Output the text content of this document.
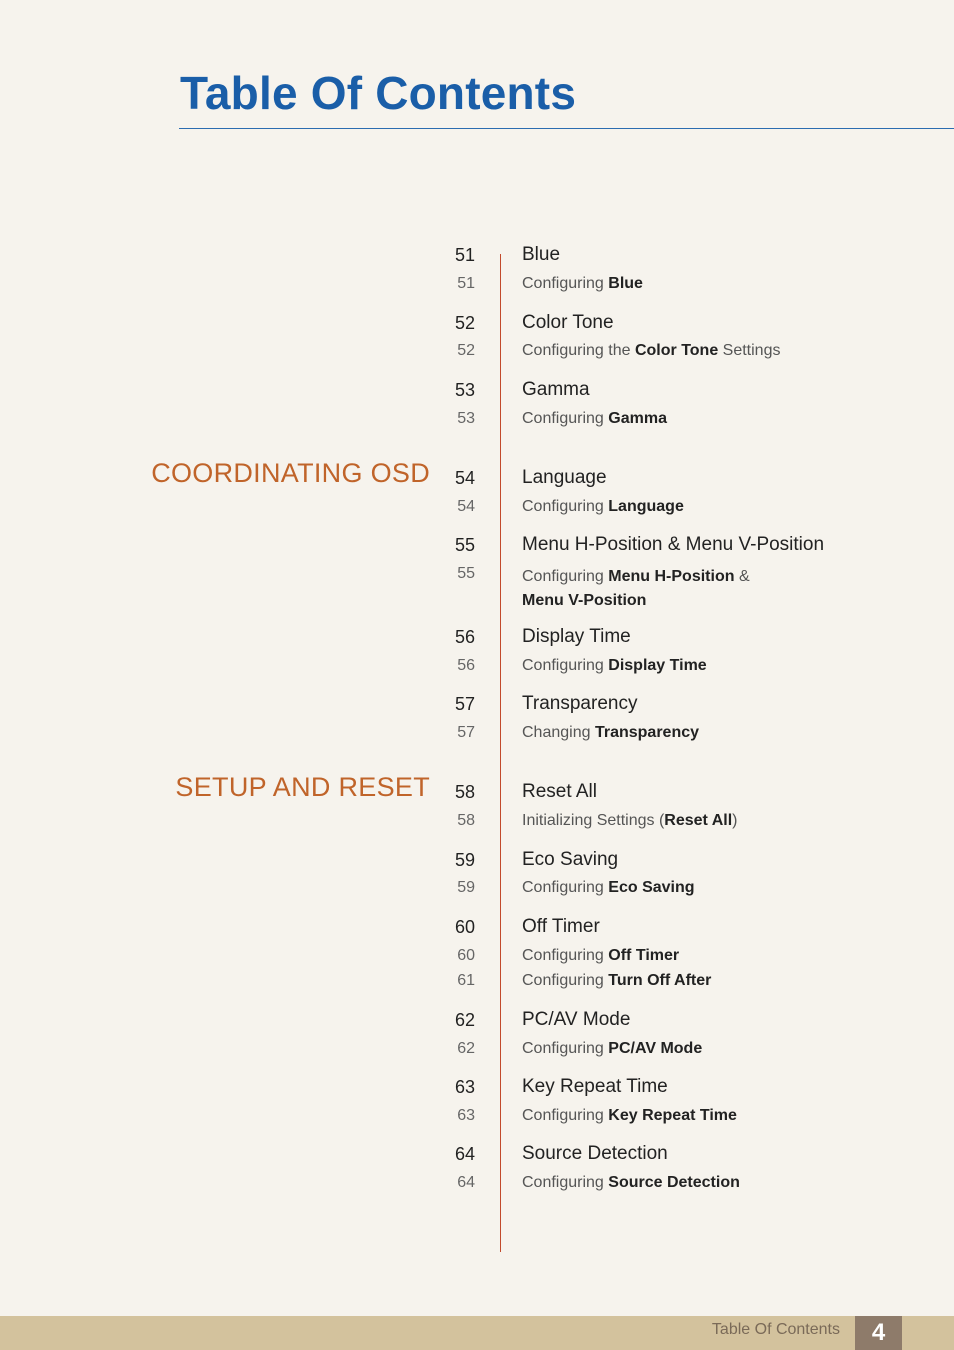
Table Of Contents
COORDINATING OSD
SETUP AND RESET
51 Blue
51	Configuring Blue
52 Color Tone
52	Configuring the Color Tone Settings
53 Gamma
53	Configuring Gamma
54 Language
54	Configuring Language
55 Menu H-Position & Menu V-Position
55	Configuring Menu H-Position &
Menu V-Position
56 Display Time
56	Configuring Display Time
57 Transparency
57	Changing Transparency
58 Reset All
58	Initializing Settings (Reset All)
59 Eco Saving
59	Configuring Eco Saving
60 Off Timer
60	Configuring Off Timer
61	Configuring Turn Off After
62 PC/AV Mode
62	Configuring PC/AV Mode
63 Key Repeat Time
63	Configuring Key Repeat Time
64 Source Detection
64	Configuring Source Detection
Table Of Contents	4
